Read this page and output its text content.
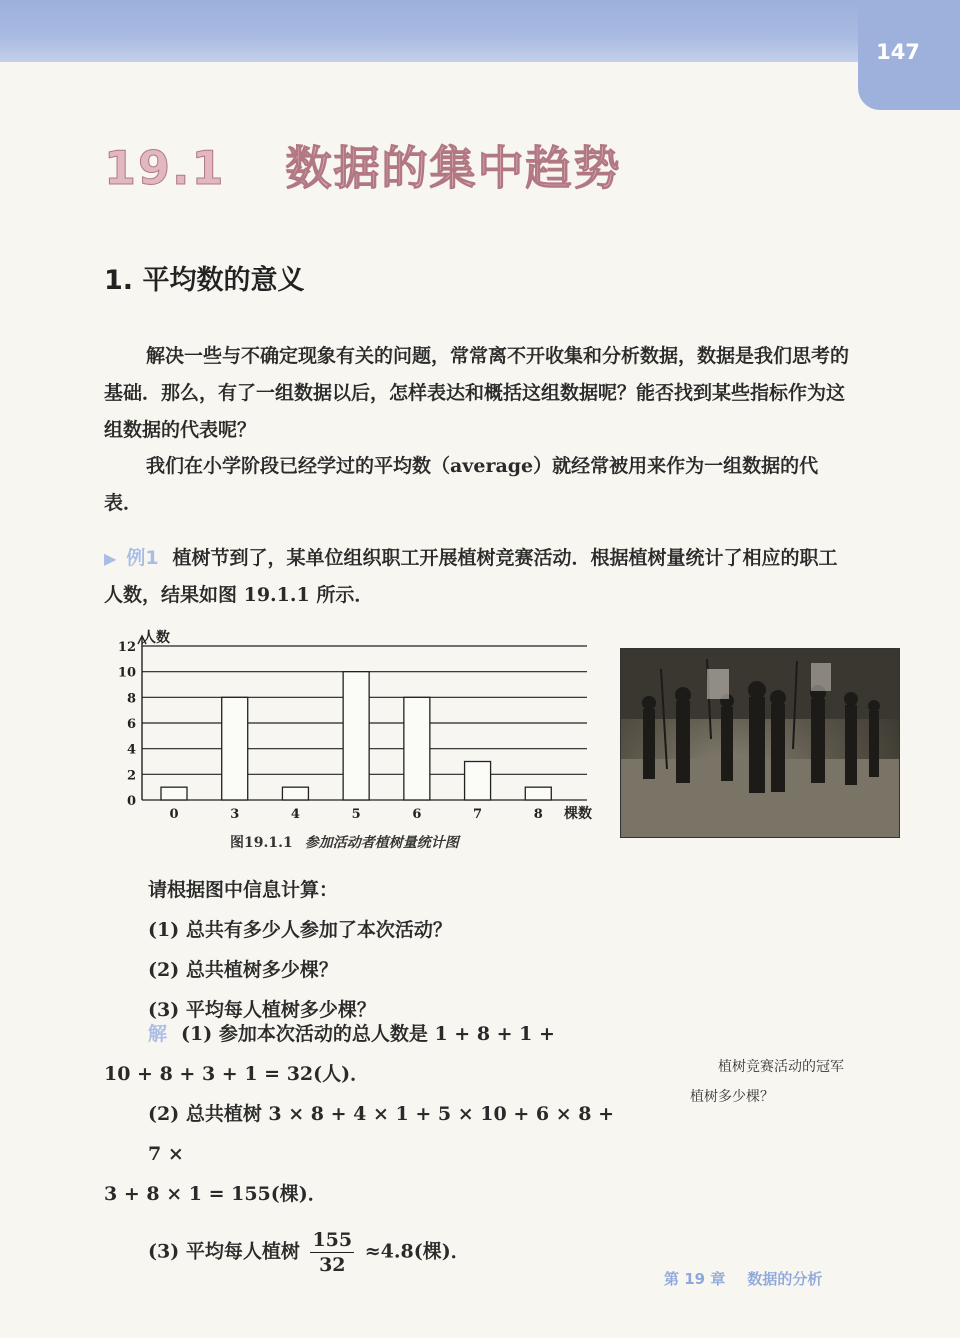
147
19.1 数据的集中趋势
1. 平均数的意义

解决一些与不确定现象有关的问题，常常离不开收集和分析数据，数据是我们思考的基础．那么，有了一组数据以后，怎样表达和概括这组数据呢？能否找到某些指标作为这组数据的代表呢？

我们在小学阶段已经学过的平均数（average）就经常被用来作为一组数据的代表．

▶ 例1 植树节到了，某单位组织职工开展植树竞赛活动．根据植树量统计了相应的职工人数，结果如图 19.1.1 所示．

人数
棵数
0
2
4
6
8
10
12
0	3	4	5	6	7	8
图19.1.1 参加活动者植树量统计图
请根据图中信息计算：
(1) 总共有多少人参加了本次活动？
(2) 总共植树多少棵？
(3) 平均每人植树多少棵？
解 (1) 参加本次活动的总人数是 1 + 8 + 1 +
10 + 8 + 3 + 1 = 32(人)．
(2) 总共植树 3 × 8 + 4 × 1 + 5 × 10 + 6 × 8 + 7 ×
3 + 8 × 1 = 155(棵)．
(3) 平均每人植树 $\frac{155}{32} \approx 4.8$(棵)．

植树竞赛活动的冠军植树多少棵？

第 19 章 数据的分析
